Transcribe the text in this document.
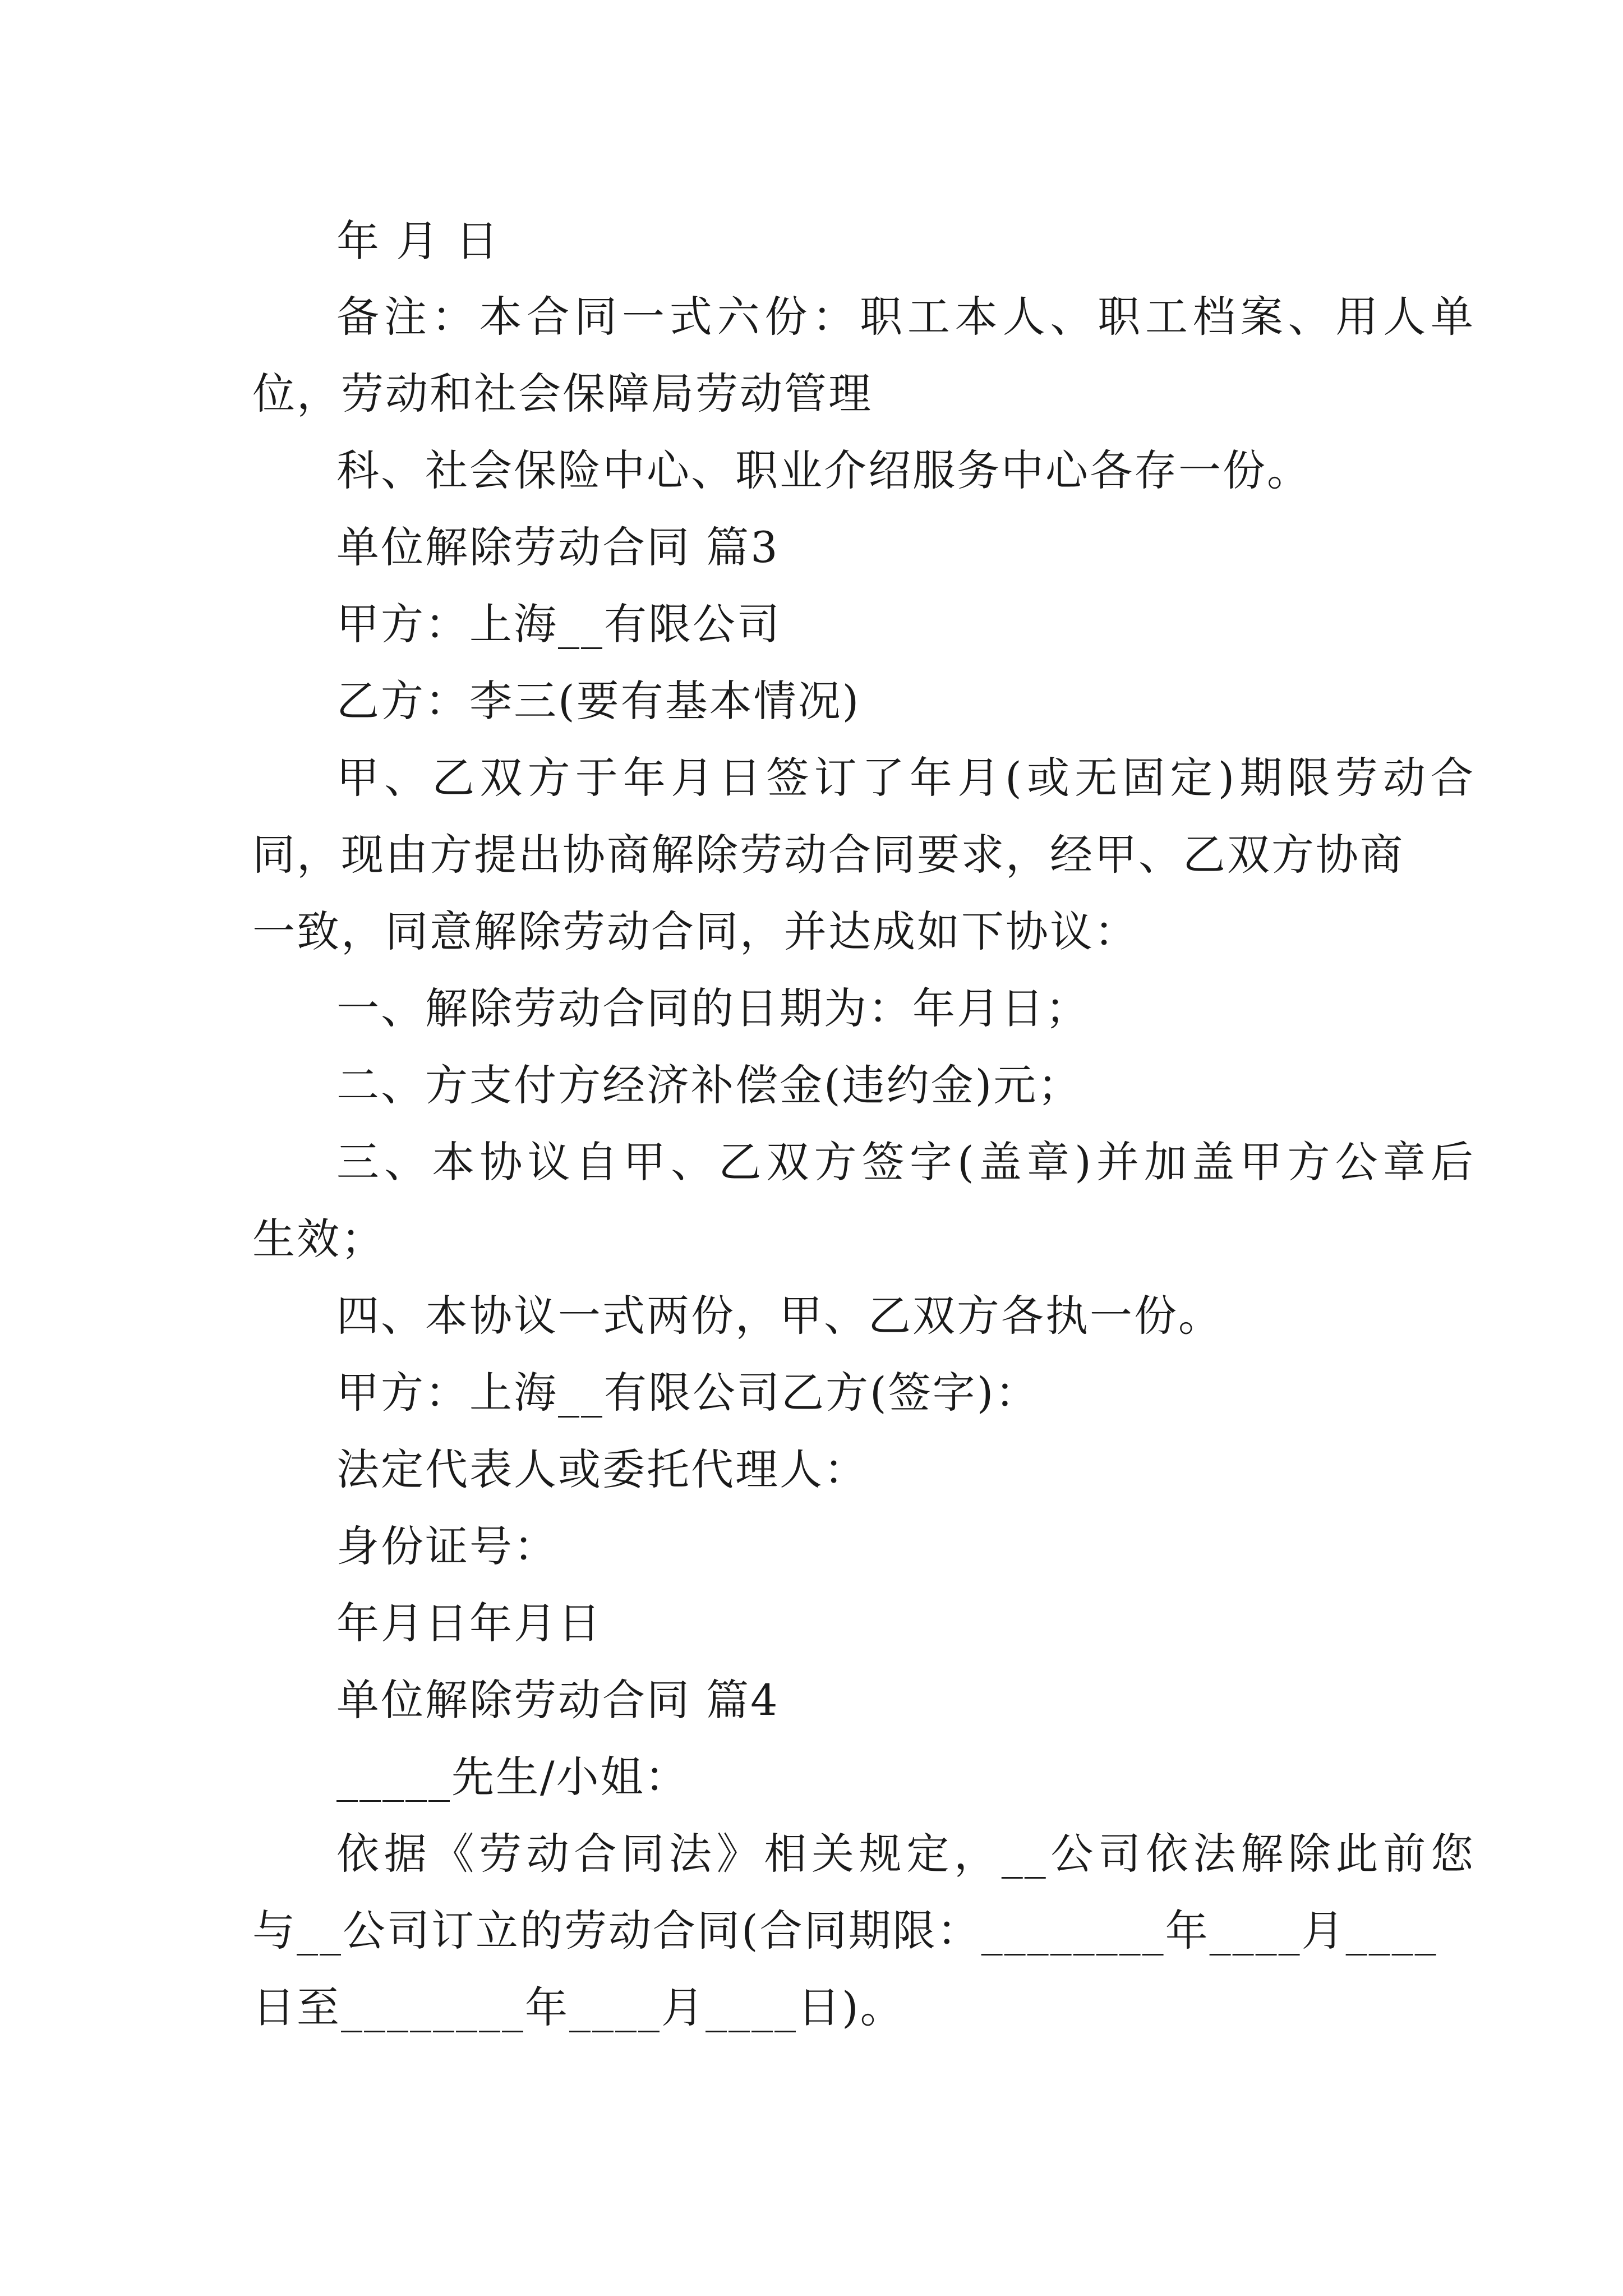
年 月 日

备注：本合同一式六份：职工本人、职工档案、用人单

位，劳动和社会保障局劳动管理

科、社会保险中心、职业介绍服务中心各存一份。

单位解除劳动合同 篇3

甲方：上海__有限公司

乙方：李三(要有基本情况)

甲、乙双方于年月日签订了年月(或无固定)期限劳动合

同，现由方提出协商解除劳动合同要求，经甲、乙双方协商

一致，同意解除劳动合同，并达成如下协议：

一、解除劳动合同的日期为：年月日；

二、方支付方经济补偿金(违约金)元；

三、本协议自甲、乙双方签字(盖章)并加盖甲方公章后

生效；

四、本协议一式两份，甲、乙双方各执一份。

甲方：上海__有限公司乙方(签字)：

法定代表人或委托代理人：

身份证号：

年月日年月日

单位解除劳动合同 篇4

_____先生/小姐：

依据《劳动合同法》相关规定，__公司依法解除此前您

与__公司订立的劳动合同(合同期限：________年____月____

日至________年____月____日)。
